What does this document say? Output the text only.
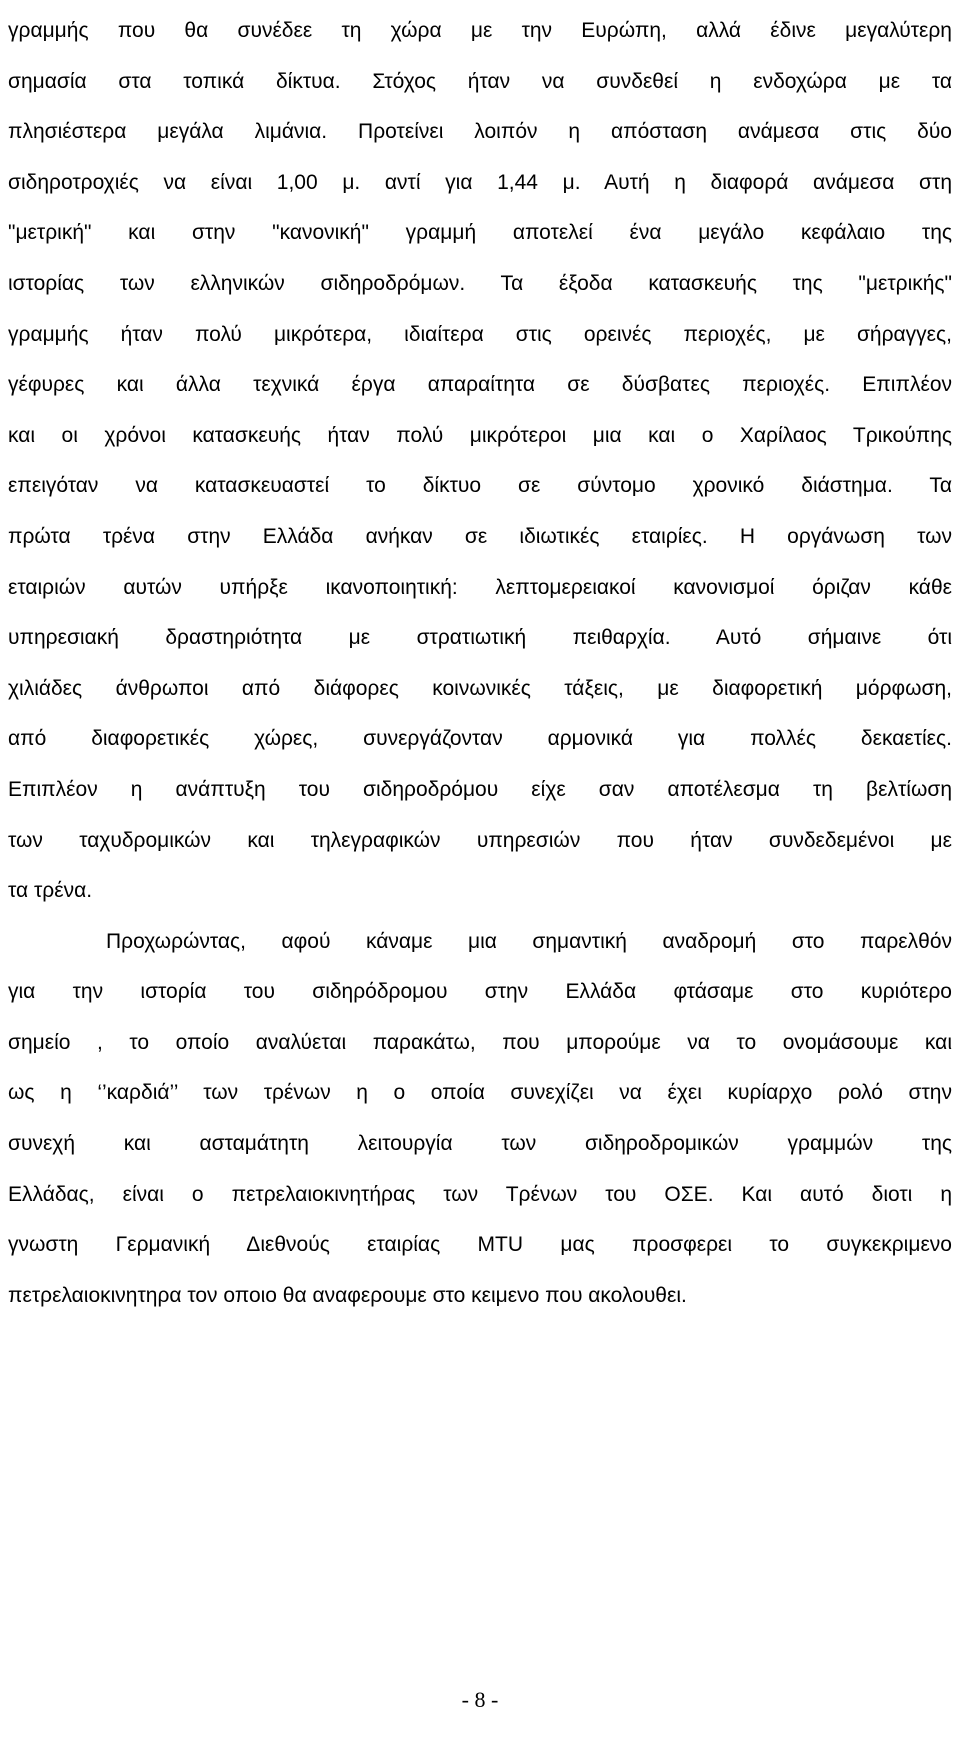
γραμμής που θα συνέδεε τη χώρα με την Ευρώπη, αλλά έδινε μεγαλύτερη
σημασία στα τοπικά δίκτυα. Στόχος ήταν να συνδεθεί η ενδοχώρα με τα
πλησιέστερα μεγάλα λιμάνια. Προτείνει λοιπόν η απόσταση ανάμεσα στις δύο
σιδηροτροχιές να είναι 1,00 μ. αντί για 1,44 μ. Αυτή η διαφορά ανάμεσα στη
"μετρική" και στην "κανονική" γραμμή αποτελεί ένα μεγάλο κεφάλαιο της
ιστορίας των ελληνικών σιδηροδρόμων. Τα έξοδα κατασκευής της "μετρικής"
γραμμής ήταν πολύ μικρότερα, ιδιαίτερα στις ορεινές περιοχές, με σήραγγες,
γέφυρες και άλλα τεχνικά έργα απαραίτητα σε δύσβατες περιοχές. Επιπλέον
και οι χρόνοι κατασκευής ήταν πολύ μικρότεροι μια και ο Χαρίλαος Τρικούπης
επειγόταν να κατασκευαστεί το δίκτυο σε σύντομο χρονικό διάστημα. Τα
πρώτα τρένα στην Ελλάδα ανήκαν σε ιδιωτικές εταιρίες. Η οργάνωση των
εταιριών αυτών υπήρξε ικανοποιητική: λεπτομερειακοί κανονισμοί όριζαν κάθε
υπηρεσιακή δραστηριότητα με στρατιωτική πειθαρχία. Αυτό σήμαινε ότι
χιλιάδες άνθρωποι από διάφορες κοινωνικές τάξεις, με διαφορετική μόρφωση,
από διαφορετικές χώρες, συνεργάζονταν αρμονικά για πολλές δεκαετίες.
Επιπλέον η ανάπτυξη του σιδηροδρόμου είχε σαν αποτέλεσμα τη βελτίωση
των ταχυδρομικών και τηλεγραφικών υπηρεσιών που ήταν συνδεδεμένοι με
τα τρένα.
Προχωρώντας, αφού κάναμε μια σημαντική αναδρομή στο παρελθόν
για την ιστορία του σιδηρόδρομου στην Ελλάδα φτάσαμε στο κυριότερο
σημείο , το οποίο αναλύεται παρακάτω, που μπορούμε να το ονομάσουμε και
ως η ‘’καρδιά’’ των τρένων η ο οποία συνεχίζει να έχει κυρίαρχο ρολό στην
συνεχή και ασταμάτητη λειτουργία των σιδηροδρομικών γραμμών της
Ελλάδας, είναι ο πετρελαιοκινητήρας των Τρένων του ΟΣΕ. Και αυτό διοτι η
γνωστη Γερμανική Διεθνούς εταιρίας MTU μας προσφερει το συγκεκριμενο
πετρελαιοκινητηρα τον οποιο θα αναφερουμε στο κειμενο που ακολουθει.
- 8 -
